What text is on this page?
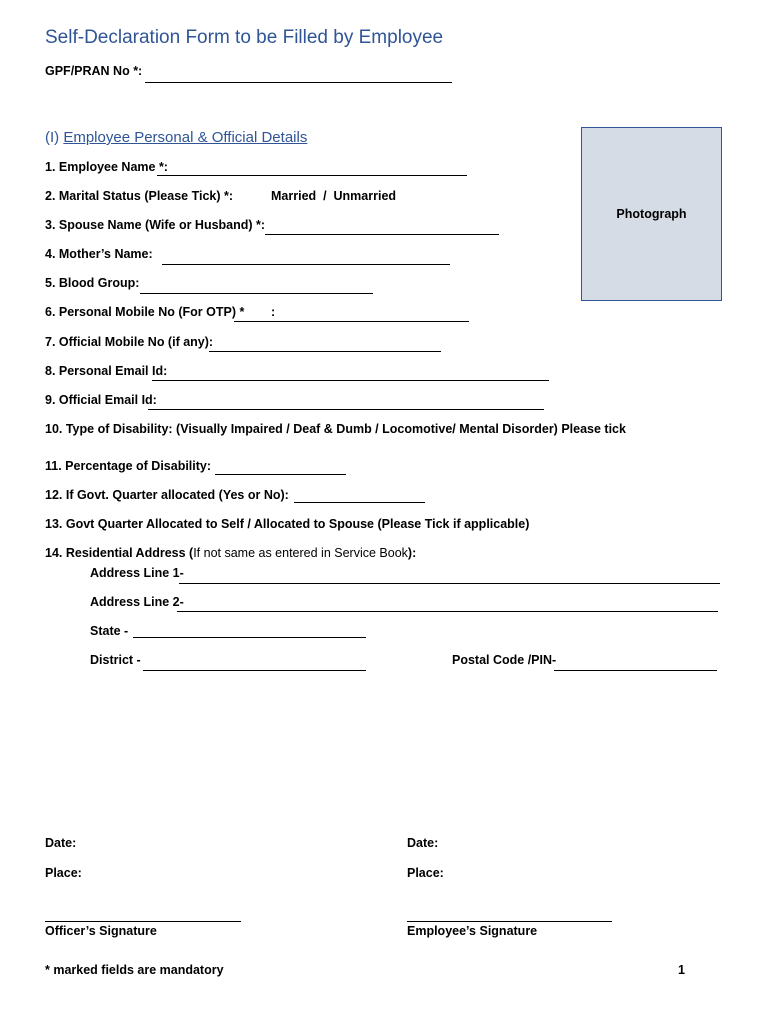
Self-Declaration Form to be Filled by Employee
GPF/PRAN No *:
(I) Employee Personal & Official Details
Photograph
1. Employee Name *:
2. Marital Status (Please Tick) *:	Married  /  Unmarried
3. Spouse Name (Wife or Husband) *:
4. Mother’s Name:
5. Blood Group:
6. Personal Mobile No (For OTP) * :
7. Official Mobile No (if any):
8. Personal Email Id:
9. Official Email Id:
10. Type of Disability: (Visually Impaired / Deaf & Dumb / Locomotive/ Mental Disorder) Please tick
11. Percentage of Disability:
12. If Govt. Quarter allocated (Yes or No):
13. Govt Quarter Allocated to Self / Allocated to Spouse (Please Tick if applicable)
14. Residential Address (If not same as entered in Service Book):
Address Line 1-
Address Line 2-
State -
District -	Postal Code /PIN-
Date:	Date:
Place:	Place:
Officer’s Signature	Employee’s Signature
* marked fields are mandatory	1
